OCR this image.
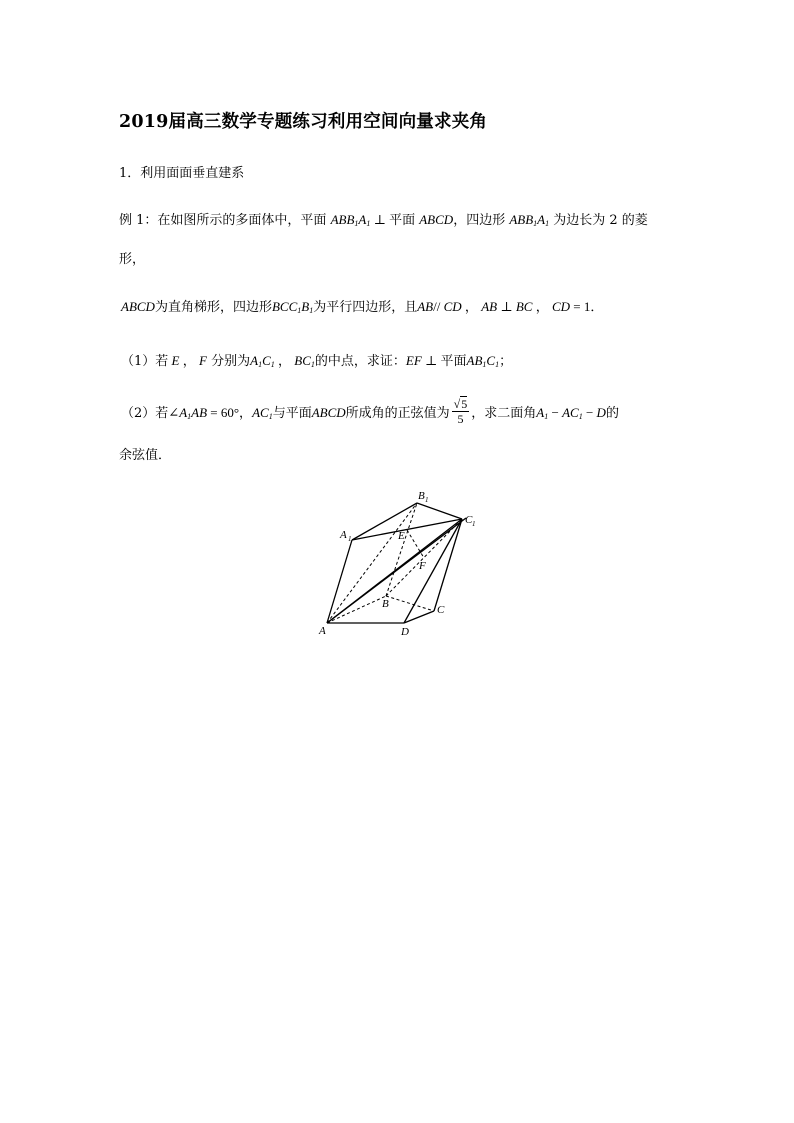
2019届高三数学专题练习利用空间向量求夹角
1．利用面面垂直建系
例 1：在如图所示的多面体中，平面 $ABB_1A_1$ ⊥ 平面 ABCD，四边形 $ABB_1A_1$ 为边长为 2 的菱
形，
ABCD为直角梯形，四边形$BCC_1B_1$为平行四边形，且AB// CD ， AB ⊥ BC ， CD = 1．
（1）若 E ， F 分别为$A_1C_1$ ， $BC_1$的中点，求证：EF ⊥ 平面$AB_1C_1$；
（2）若$\angle A_1AB = 60^\circ$，$AC_1$与平面ABCD所成角的正弦值为 $\frac{√5}{5}$ ，求二面角$A_1 - AC_1 - D$的
余弦值．
A	D
C
B
A 1
B 1
C 1
E
F
